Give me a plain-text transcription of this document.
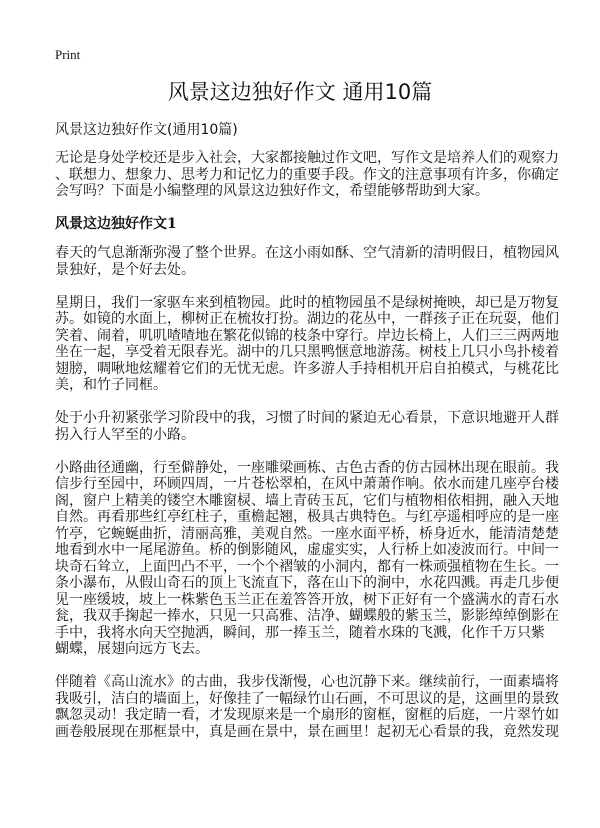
Print
风景这边独好作文 通用10篇
风景这边独好作文(通用10篇)
无论是身处学校还是步入社会，大家都接触过作文吧，写作文是培养人们的观察力
、联想力、想象力、思考力和记忆力的重要手段。作文的注意事项有许多，你确定
会写吗？下面是小编整理的风景这边独好作文，希望能够帮助到大家。
风景这边独好作文1
春天的气息渐渐弥漫了整个世界。在这小雨如酥、空气清新的清明假日，植物园风
景独好，是个好去处。
星期日，我们一家驱车来到植物园。此时的植物园虽不是绿树掩映，却已是万物复
苏。如镜的水面上，柳树正在梳妆打扮。湖边的花丛中，一群孩子正在玩耍，他们
笑着、闹着，叽叽喳喳地在繁花似锦的枝条中穿行。岸边长椅上，人们三三两两地
坐在一起，享受着无限春光。湖中的几只黑鸭惬意地游荡。树枝上几只小鸟扑棱着
翅膀，啁啾地炫耀着它们的无忧无虑。许多游人手持相机开启自拍模式，与桃花比
美，和竹子同框。
处于小升初紧张学习阶段中的我，习惯了时间的紧迫无心看景，下意识地避开人群
拐入行人罕至的小路。
小路曲径通幽，行至僻静处，一座雕梁画栋、古色古香的仿古园林出现在眼前。我
信步行至园中，环顾四周，一片苍松翠柏，在风中萧萧作响。依水而建几座亭台楼
阁，窗户上精美的镂空木雕窗棂、墙上青砖玉瓦，它们与植物相依相拥，融入天地
自然。再看那些红亭红柱子，重檐起翘，极具古典特色。与红亭遥相呼应的是一座
竹亭，它蜿蜒曲折，清丽高雅，美观自然。一座水面平桥，桥身近水，能清清楚楚
地看到水中一尾尾游鱼。桥的倒影随风，虚虚实实，人行桥上如凌波而行。中间一
块奇石耸立，上面凹凸不平，一个个褶皱的小洞内，都有一株顽强植物在生长。一
条小瀑布，从假山奇石的顶上飞流直下，落在山下的涧中，水花四溅。再走几步便
见一座缓坡，坡上一株紫色玉兰正在羞答答开放，树下正好有一个盛满水的青石水
瓮，我双手掬起一捧水，只见一只高雅、洁净、蝴蝶般的紫玉兰，影影绰绰倒影在
手中，我将水向天空抛洒，瞬间，那一捧玉兰，随着水珠的飞溅，化作千万只紫
蝴蝶，展翅向远方飞去。
伴随着《高山流水》的古曲，我步伐渐慢，心也沉静下来。继续前行，一面素墙将
我吸引，洁白的墙面上，好像挂了一幅绿竹山石画，不可思议的是，这画里的景致
飘忽灵动！我定睛一看，才发现原来是一个扇形的窗框，窗框的后庭，一片翠竹如
画卷般展现在那框景中，真是画在景中，景在画里！起初无心看景的我，竟然发现
